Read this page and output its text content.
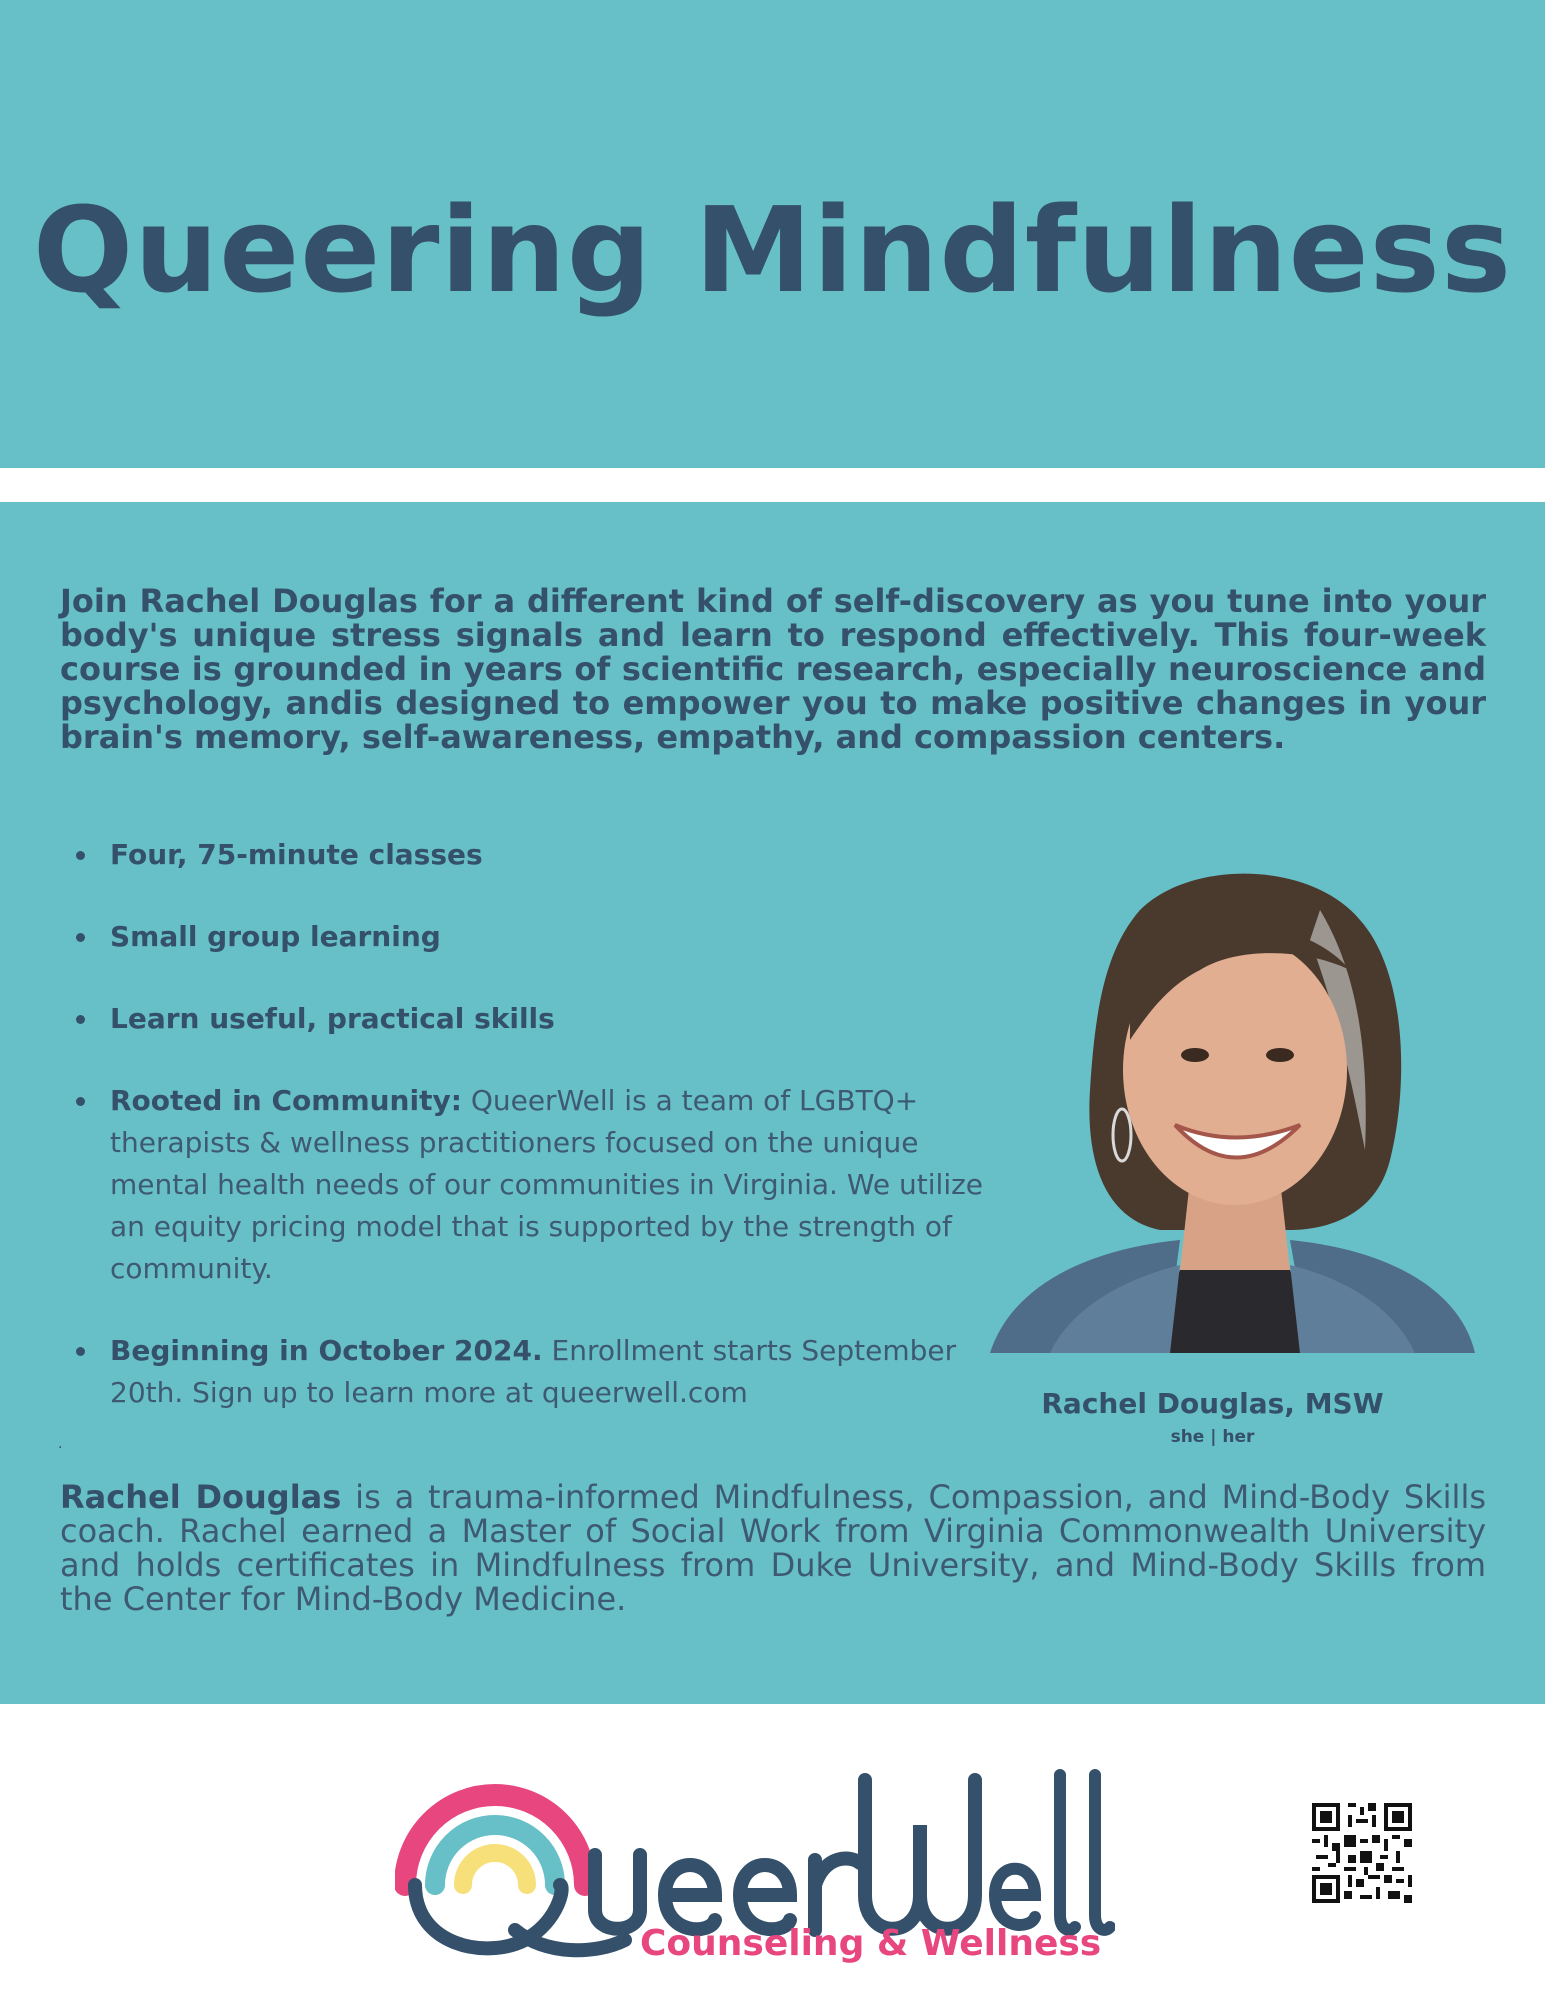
Queering Mindfulness

Join Rachel Douglas for a different kind of self-discovery as you tune into your body's unique stress signals and learn to respond effectively. This four-week course is grounded in years of scientific research, especially neuroscience and psychology, andis designed to empower you to make positive changes in your brain's memory, self-awareness, empathy, and compassion centers.

Four, 75-minute classes
Small group learning
Learn useful, practical skills
Rooted in Community: QueerWell is a team of LGBTQ+ therapists & wellness practitioners focused on the unique mental health needs of our communities in Virginia. We utilize an equity pricing model that is supported by the strength of community.
Beginning in October 2024. Enrollment starts September 20th. Sign up to learn more at queerwell.com	Rachel Douglas, MSW
she | her
.

Rachel Douglas is a trauma-informed Mindfulness, Compassion, and Mind-Body Skills coach. Rachel earned a Master of Social Work from Virginia Commonwealth University and holds certificates in Mindfulness from Duke University, and Mind-Body Skills from the Center for Mind-Body Medicine.

Counseling & Wellness
